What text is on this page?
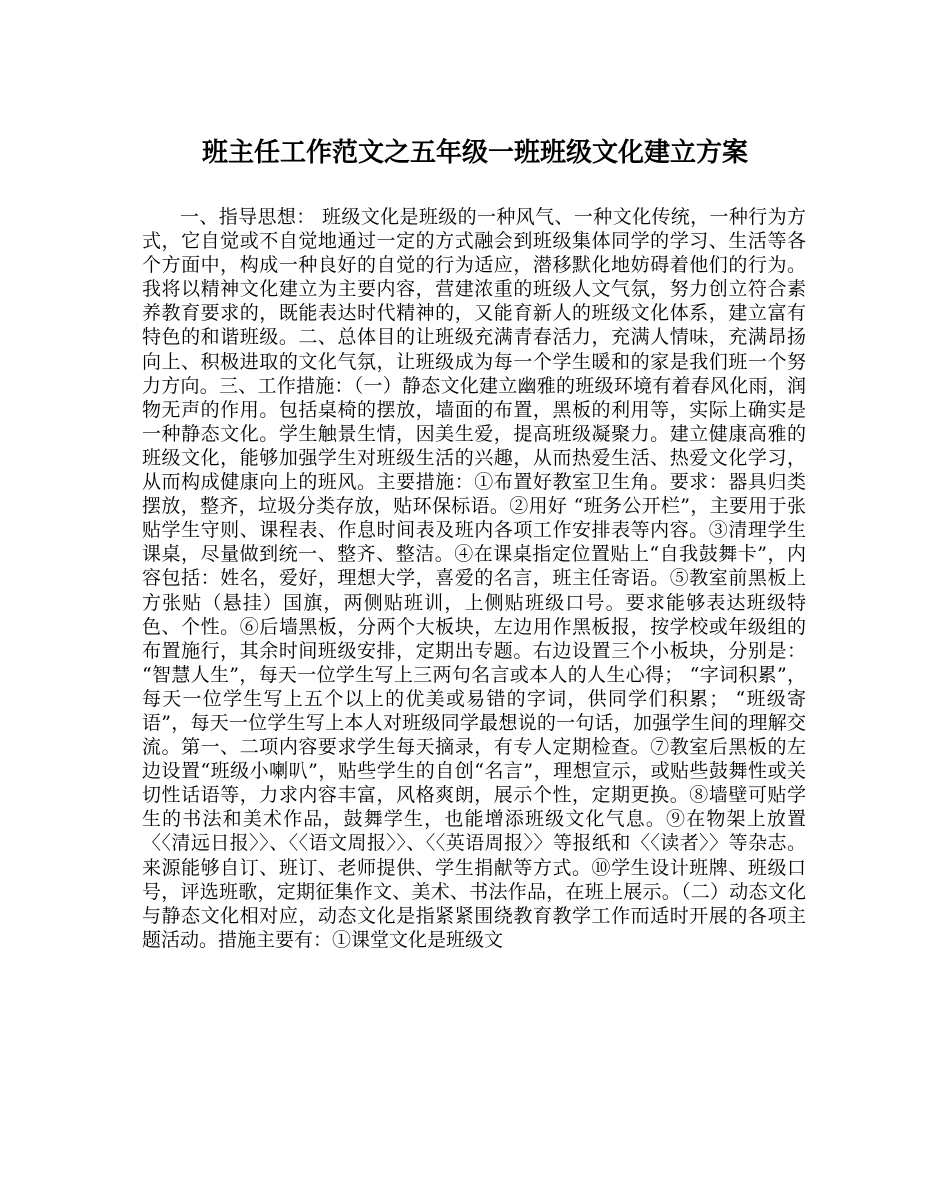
班主任工作范文之五年级一班班级文化建立方案

一、指导思想： 班级文化是班级的一种风气、一种文化传统，一种行为方式，它自觉或不自觉地通过一定的方式融会到班级集体同学的学习、生活等各个方面中，构成一种良好的自觉的行为适应，潜移默化地妨碍着他们的行为。我将以精神文化建立为主要内容，营建浓重的班级人文气氛，努力创立符合素养教育要求的，既能表达时代精神的，又能育新人的班级文化体系，建立富有特色的和谐班级。二、总体目的让班级充满青春活力，充满人情味，充满昂扬向上、积极进取的文化气氛，让班级成为每一个学生暖和的家是我们班一个努力方向。三、工作措施：（一）静态文化建立幽雅的班级环境有着春风化雨，润物无声的作用。包括桌椅的摆放，墙面的布置，黑板的利用等，实际上确实是一种静态文化。学生触景生情，因美生爱，提高班级凝聚力。建立健康高雅的班级文化，能够加强学生对班级生活的兴趣，从而热爱生活、热爱文化学习，从而构成健康向上的班风。主要措施：①布置好教室卫生角。要求：器具归类摆放，整齐，垃圾分类存放，贴环保标语。②用好 “班务公开栏”，主要用于张贴学生守则、课程表、作息时间表及班内各项工作安排表等内容。③清理学生课桌，尽量做到统一、整齐、整洁。④在课桌指定位置贴上“自我鼓舞卡”，内容包括：姓名，爱好，理想大学，喜爱的名言，班主任寄语。⑤教室前黑板上方张贴（悬挂）国旗，两侧贴班训，上侧贴班级口号。要求能够表达班级特色、个性。⑥后墙黑板，分两个大板块，左边用作黑板报，按学校或年级组的布置施行，其余时间班级安排，定期出专题。右边设置三个小板块，分别是： “智慧人生”，每天一位学生写上三两句名言或本人的人生心得； “字词积累”，每天一位学生写上五个以上的优美或易错的字词，供同学们积累； “班级寄语”，每天一位学生写上本人对班级同学最想说的一句话，加强学生间的理解交流。第一、二项内容要求学生每天摘录，有专人定期检查。⑦教室后黑板的左边设置“班级小喇叭”，贴些学生的自创“名言”，理想宣示，或贴些鼓舞性或关切性话语等，力求内容丰富，风格爽朗，展示个性，定期更换。⑧墙壁可贴学生的书法和美术作品，鼓舞学生，也能增添班级文化气息。⑨在物架上放置〈〈清远日报〉〉、〈〈语文周报〉〉、〈〈英语周报〉〉等报纸和〈〈读者〉〉等杂志。来源能够自订、班订、老师提供、学生捐献等方式。⑩学生设计班牌、班级口号，评选班歌，定期征集作文、美术、书法作品，在班上展示。（二）动态文化与静态文化相对应，动态文化是指紧紧围绕教育教学工作而适时开展的各项主题活动。措施主要有：①课堂文化是班级文
